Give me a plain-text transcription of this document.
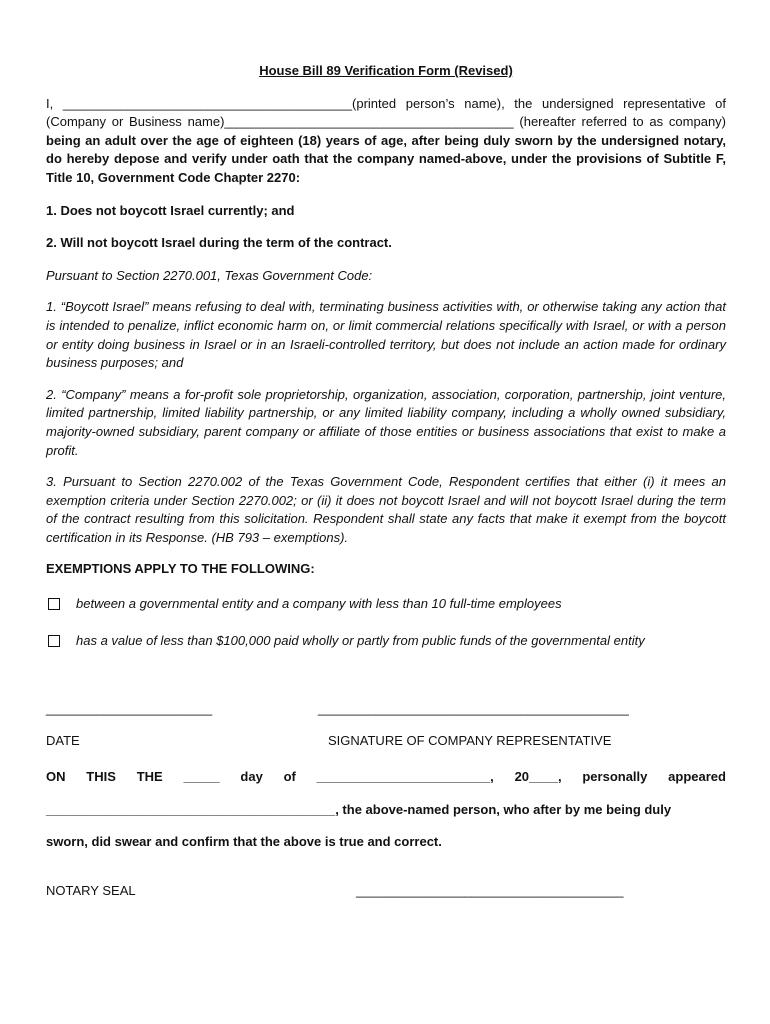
House Bill 89 Verification Form (Revised)

I, ________________________________________(printed person’s name), the undersigned representative of (Company or Business name)________________________________________ (hereafter referred to as company) being an adult over the age of eighteen (18) years of age, after being duly sworn by the undersigned notary, do hereby depose and verify under oath that the company named-above, under the provisions of Subtitle F, Title 10, Government Code Chapter 2270:

1. Does not boycott Israel currently; and

2. Will not boycott Israel during the term of the contract.

Pursuant to Section 2270.001, Texas Government Code:

1. “Boycott Israel” means refusing to deal with, terminating business activities with, or otherwise taking any action that is intended to penalize, inflict economic harm on, or limit commercial relations specifically with Israel, or with a person or entity doing business in Israel or in an Israeli-controlled territory, but does not include an action made for ordinary business purposes; and

2. “Company” means a for-profit sole proprietorship, organization, association, corporation, partnership, joint venture, limited partnership, limited liability partnership, or any limited liability company, including a wholly owned subsidiary, majority-owned subsidiary, parent company or affiliate of those entities or business associations that exist to make a profit.

3. Pursuant to Section 2270.002 of the Texas Government Code, Respondent certifies that either (i) it mees an exemption criteria under Section 2270.002; or (ii) it does not boycott Israel and will not boycott Israel during the term of the contract resulting from this solicitation. Respondent shall state any facts that make it exempt from the boycott certification in its Response. (HB 793 – exemptions).

EXEMPTIONS APPLY TO THE FOLLOWING:

between a governmental entity and a company with less than 10 full-time employees
has a value of less than $100,000 paid wholly or partly from public funds of the governmental entity
_______________________	___________________________________________
DATE	SIGNATURE OF COMPANY REPRESENTATIVE
ON THIS THE _____ day of ________________________, 20____, personally appeared

________________________________________, the above-named person, who after by me being duly

sworn, did swear and confirm that the above is true and correct.

NOTARY SEAL	_____________________________________
